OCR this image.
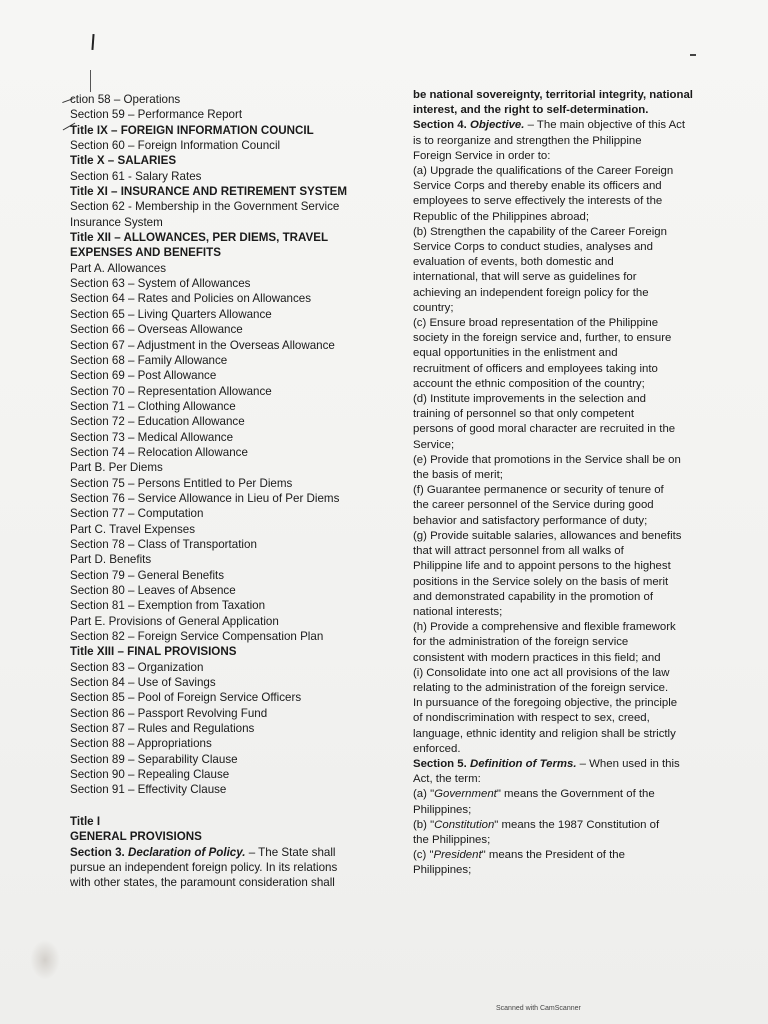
ction 58 – Operations
Section 59 – Performance Report
Title IX – FOREIGN INFORMATION COUNCIL
Section 60 – Foreign Information Council
Title X – SALARIES
Section 61 - Salary Rates
Title XI – INSURANCE AND RETIREMENT SYSTEM
Section 62 - Membership in the Government Service
Insurance System
Title XII – ALLOWANCES, PER DIEMS, TRAVEL
EXPENSES AND BENEFITS
Part A. Allowances
Section 63 – System of Allowances
Section 64 – Rates and Policies on Allowances
Section 65 – Living Quarters Allowance
Section 66 – Overseas Allowance
Section 67 – Adjustment in the Overseas Allowance
Section 68 – Family Allowance
Section 69 – Post Allowance
Section 70 – Representation Allowance
Section 71 – Clothing Allowance
Section 72 – Education Allowance
Section 73 – Medical Allowance
Section 74 – Relocation Allowance
Part B. Per Diems
Section 75 – Persons Entitled to Per Diems
Section 76 – Service Allowance in Lieu of Per Diems
Section 77 – Computation
Part C. Travel Expenses
Section 78 – Class of Transportation
Part D. Benefits
Section 79 – General Benefits
Section 80 – Leaves of Absence
Section 81 – Exemption from Taxation
Part E. Provisions of General Application
Section 82 – Foreign Service Compensation Plan
Title XIII – FINAL PROVISIONS
Section 83 – Organization
Section 84 – Use of Savings
Section 85 – Pool of Foreign Service Officers
Section 86 – Passport Revolving Fund
Section 87 – Rules and Regulations
Section 88 – Appropriations
Section 89 – Separability Clause
Section 90 – Repealing Clause
Section 91 – Effectivity Clause
Title I
GENERAL PROVISIONS
Section 3. Declaration of Policy. – The State shall
pursue an independent foreign policy. In its relations
with other states, the paramount consideration shall
be national sovereignty, territorial integrity, national
interest, and the right to self-determination.
Section 4. Objective. – The main objective of this Act
is to reorganize and strengthen the Philippine
Foreign Service in order to:
(a) Upgrade the qualifications of the Career Foreign
Service Corps and thereby enable its officers and
employees to serve effectively the interests of the
Republic of the Philippines abroad;
(b) Strengthen the capability of the Career Foreign
Service Corps to conduct studies, analyses and
evaluation of events, both domestic and
international, that will serve as guidelines for
achieving an independent foreign policy for the
country;
(c) Ensure broad representation of the Philippine
society in the foreign service and, further, to ensure
equal opportunities in the enlistment and
recruitment of officers and employees taking into
account the ethnic composition of the country;
(d) Institute improvements in the selection and
training of personnel so that only competent
persons of good moral character are recruited in the
Service;
(e) Provide that promotions in the Service shall be on
the basis of merit;
(f) Guarantee permanence or security of tenure of
the career personnel of the Service during good
behavior and satisfactory performance of duty;
(g) Provide suitable salaries, allowances and benefits
that will attract personnel from all walks of
Philippine life and to appoint persons to the highest
positions in the Service solely on the basis of merit
and demonstrated capability in the promotion of
national interests;
(h) Provide a comprehensive and flexible framework
for the administration of the foreign service
consistent with modern practices in this field; and
(i) Consolidate into one act all provisions of the law
relating to the administration of the foreign service.
In pursuance of the foregoing objective, the principle
of nondiscrimination with respect to sex, creed,
language, ethnic identity and religion shall be strictly
enforced.
Section 5. Definition of Terms. – When used in this
Act, the term:
(a) "Government" means the Government of the
Philippines;
(b) "Constitution" means the 1987 Constitution of
the Philippines;
(c) "President" means the President of the
Philippines;
Scanned with CamScanner
